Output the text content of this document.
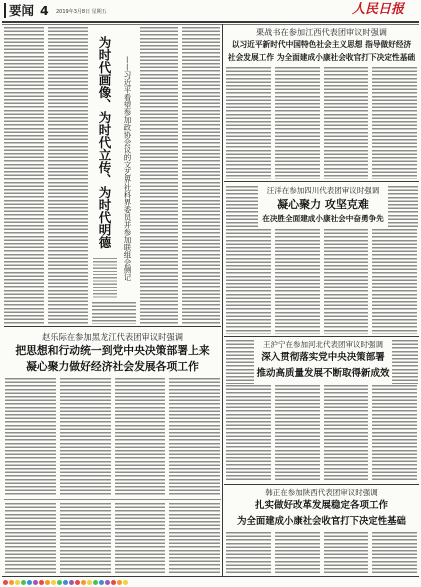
要闻 4 2019年3月8日 星期五	人民日报
为时代画像、为时代立传、为时代明德	——习近平看望参加政协会议的文艺界社科界委员并参加联组会侧记
赵乐际在参加黑龙江代表团审议时强调
把思想和行动统一到党中央决策部署上来
凝心聚力做好经济社会发展各项工作
栗战书在参加江西代表团审议时强调
以习近平新时代中国特色社会主义思想 指导做好经济
社会发展工作 为全面建成小康社会收官打下决定性基础
汪洋在参加四川代表团审议时强调
凝心聚力 攻坚克难
在决胜全面建成小康社会中奋勇争先
王沪宁在参加河北代表团审议时强调
深入贯彻落实党中央决策部署
推动高质量发展不断取得新成效
韩正在参加陕西代表团审议时强调
扎实做好改革发展稳定各项工作
为全面建成小康社会收官打下决定性基础
